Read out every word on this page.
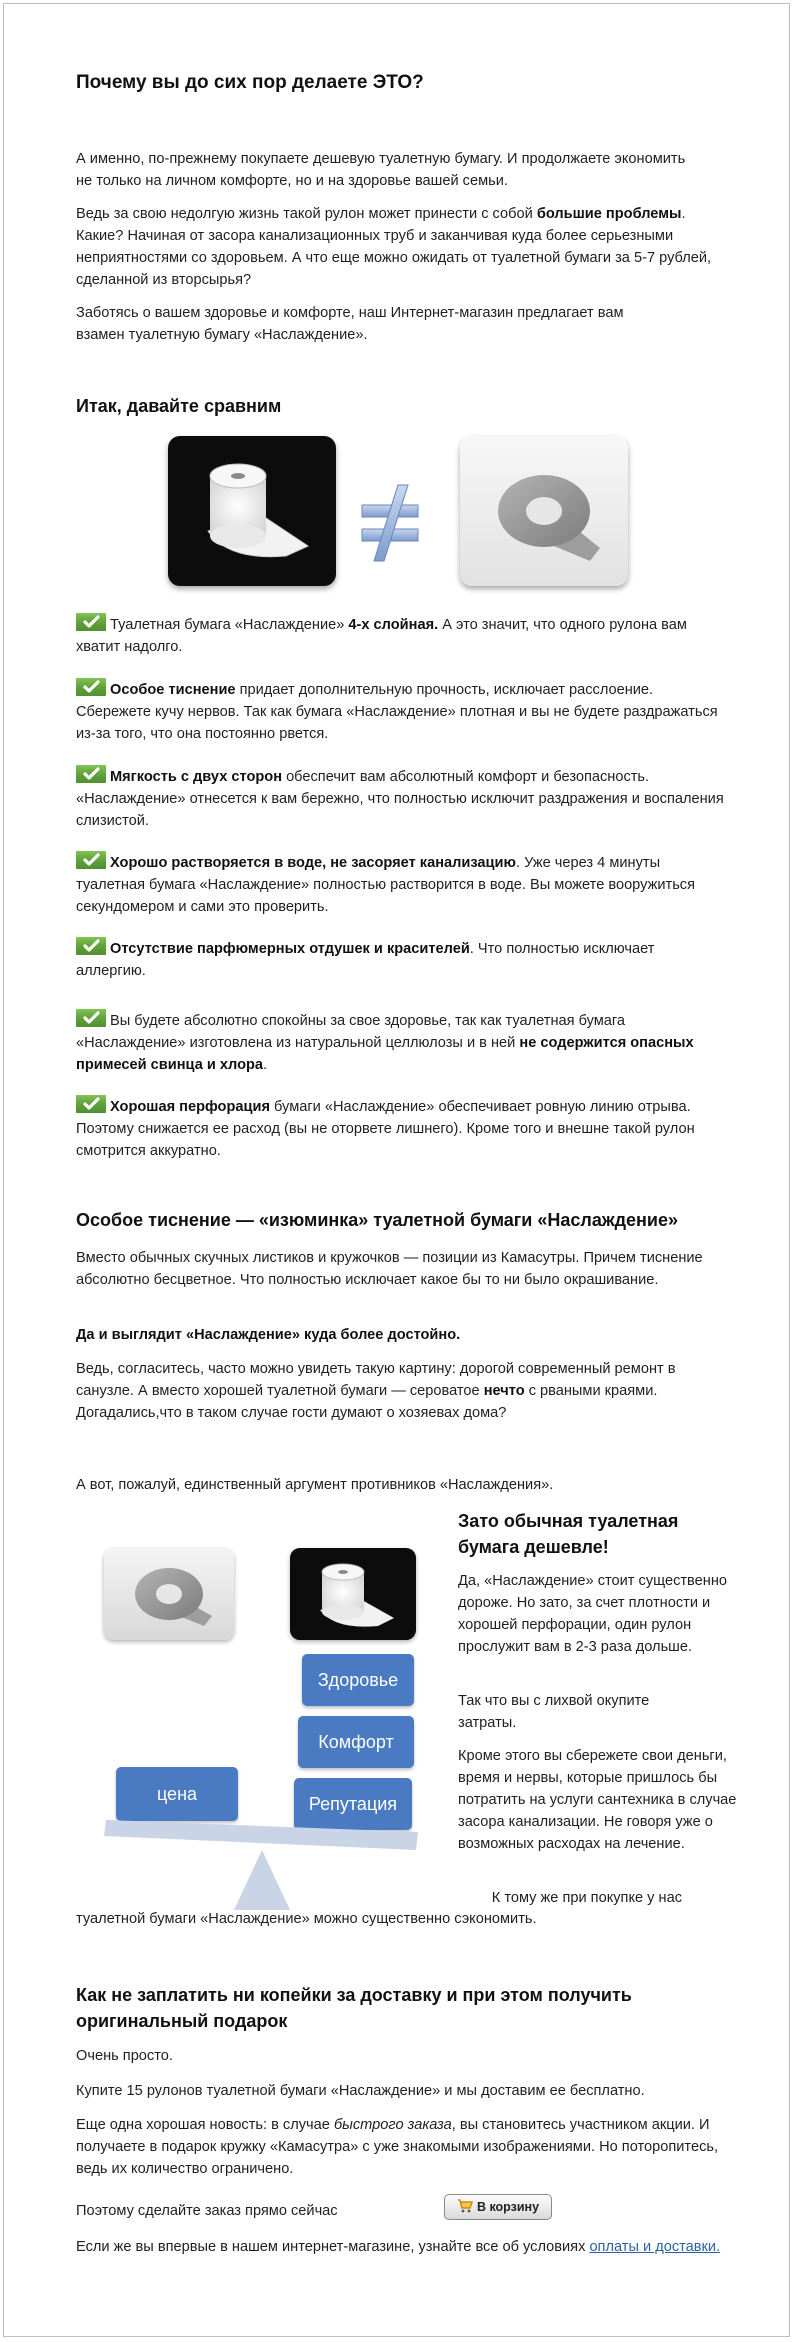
Почему вы до сих пор делаете ЭТО?

А именно, по-прежнему покупаете дешевую туалетную бумагу. И продолжаете экономить не только на личном комфорте, но и на здоровье вашей семьи.

Ведь за свою недолгую жизнь такой рулон может принести с собой большие проблемы. Какие? Начиная от засора канализационных труб и заканчивая куда более серьезными неприятностями со здоровьем. А что еще можно ожидать от туалетной бумаги за 5-7 рублей, сделанной из вторсырья?

Заботясь о вашем здоровье и комфорте, наш Интернет-магазин предлагает вам взамен туалетную бумагу «Наслаждение».

Итак, давайте сравним

Туалетная бумага «Наслаждение» 4-х слойная. А это значит, что одного рулона вам хватит надолго.

Особое тиснение придает дополнительную прочность, исключает расслоение. Сбережете кучу нервов. Так как бумага «Наслаждение» плотная и вы не будете раздражаться из-за того, что она постоянно рвется.

Мягкость с двух сторон обеспечит вам абсолютный комфорт и безопасность. «Наслаждение» отнесется к вам бережно, что полностью исключит раздражения и воспаления слизистой.

Хорошо растворяется в воде, не засоряет канализацию. Уже через 4 минуты туалетная бумага «Наслаждение» полностью растворится в воде. Вы можете вооружиться секундомером и сами это проверить.

Отсутствие парфюмерных отдушек и красителей. Что полностью исключает аллергию.

Вы будете абсолютно спокойны за свое здоровье, так как туалетная бумага «Наслаждение» изготовлена из натуральной целлюлозы и в ней не содержится опасных примесей свинца и хлора.

Хорошая перфорация бумаги «Наслаждение» обеспечивает ровную линию отрыва. Поэтому снижается ее расход (вы не оторвете лишнего). Кроме того и внешне такой рулон смотрится аккуратно.

Особое тиснение — «изюминка» туалетной бумаги «Наслаждение»

Вместо обычных скучных листиков и кружочков — позиции из Камасутры. Причем тиснение абсолютно бесцветное. Что полностью исключает какое бы то ни было окрашивание.

Да и выглядит «Наслаждение» куда более достойно.

Ведь, согласитесь, часто можно увидеть такую картину: дорогой современный ремонт в санузле. А вместо хорошей туалетной бумаги — сероватое нечто с рваными краями. Догадались,что в таком случае гости думают о хозяевах дома?

А вот, пожалуй, единственный аргумент противников «Наслаждения».

Здоровье
Комфорт
Репутация
цена
Зато обычная туалетная бумага дешевле!

Да, «Наслаждение» стоит существенно дороже. Но зато, за счет плотности и хорошей перфорации, один рулон прослужит вам в 2-3 раза дольше.

Так что вы с лихвой окупите затраты.

Кроме этого вы сбережете свои деньги, время и нервы, которые пришлось бы потратить на услуги сантехника в случае засора канализации. Не говоря уже о возможных расходах на лечение.

К тому же при покупке у нас

туалетной бумаги «Наслаждение» можно существенно сэкономить.

Как не заплатить ни копейки за доставку и при этом получить оригинальный подарок

Очень просто.

Купите 15 рулонов туалетной бумаги «Наслаждение» и мы доставим ее бесплатно.

Еще одна хорошая новость: в случае быстрого заказа, вы становитесь участником акции. И получаете в подарок кружку «Камасутра» с уже знакомыми изображениями. Но поторопитесь, ведь их количество ограничено.

Поэтому сделайте заказ прямо сейчас	В корзину

Если же вы впервые в нашем интернет-магазине, узнайте все об условиях оплаты и доставки.
